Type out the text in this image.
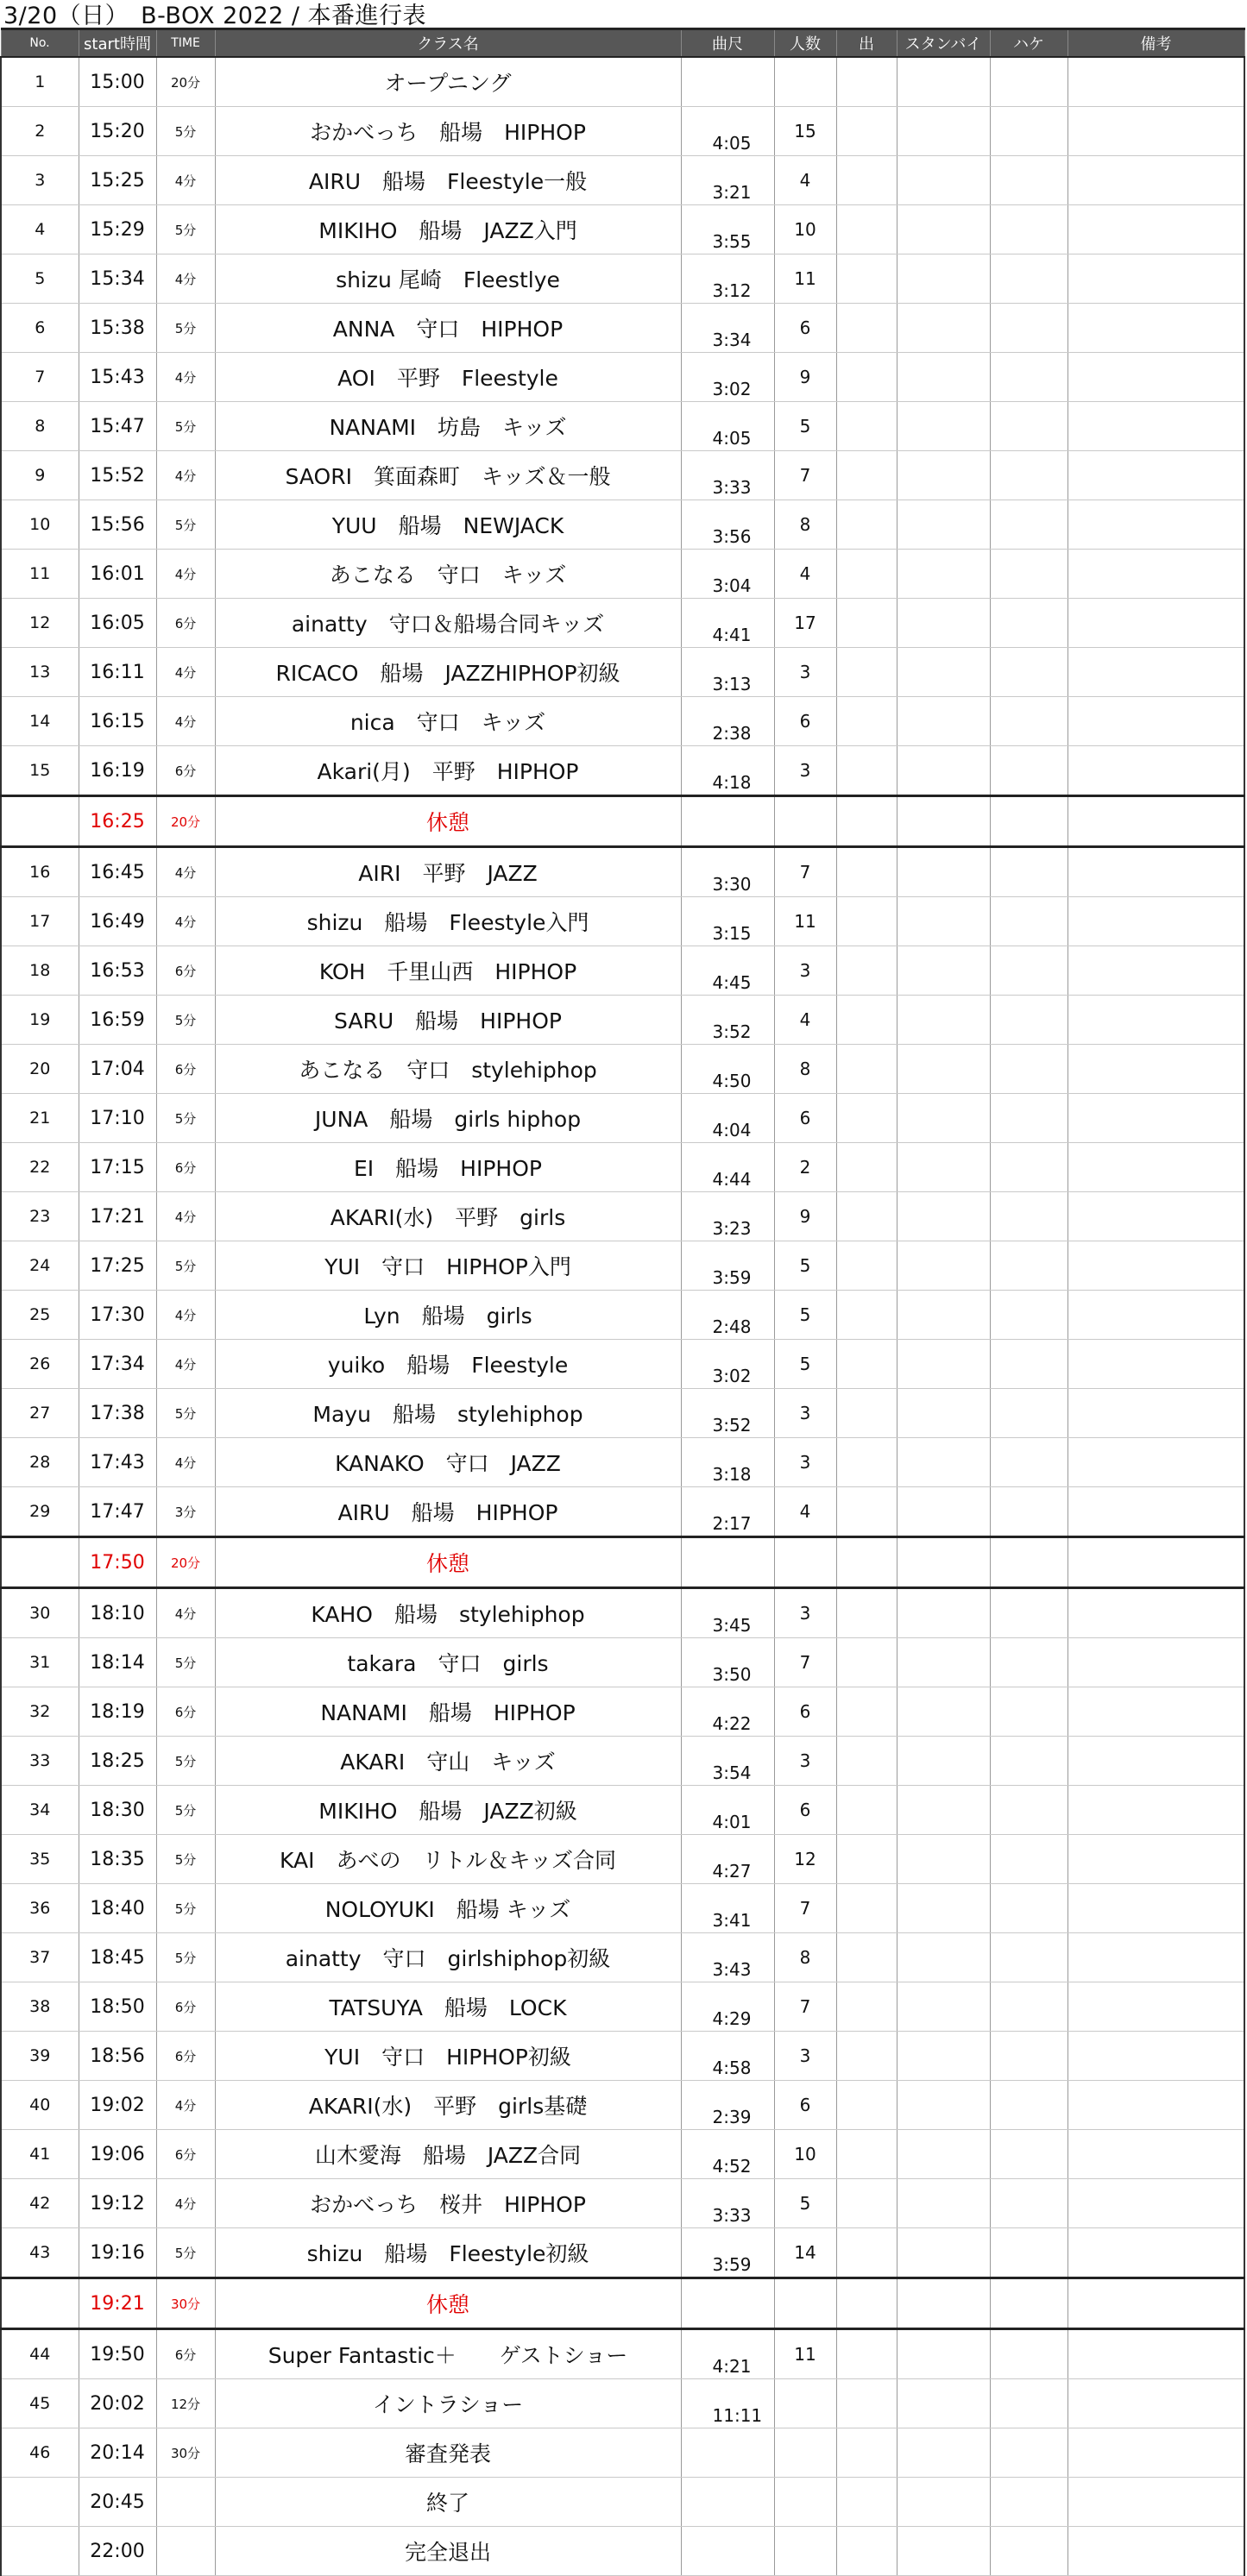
3/20（日）　B-BOX 2022 / 本番進行表
No.	start時間	TIME	クラス名	曲尺	人数	出	スタンバイ	ハケ	備考
1	15:00	20分	オープニング						
2	15:20	5分	おかべっち　船場　HIPHOP	4:05	15				
3	15:25	4分	AIRU　船場　Fleestyle一般	3:21	4				
4	15:29	5分	MIKIHO　船場　JAZZ入門	3:55	10				
5	15:34	4分	shizu 尾崎　Fleestlye	3:12	11				
6	15:38	5分	ANNA　守口　HIPHOP	3:34	6				
7	15:43	4分	AOI　平野　Fleestyle	3:02	9				
8	15:47	5分	NANAMI　坊島　キッズ	4:05	5				
9	15:52	4分	SAORI　箕面森町　キッズ＆一般	3:33	7				
10	15:56	5分	YUU　船場　NEWJACK	3:56	8				
11	16:01	4分	あこなる　守口　キッズ	3:04	4				
12	16:05	6分	ainatty　守口＆船場合同キッズ	4:41	17				
13	16:11	4分	RICACO　船場　JAZZHIPHOP初級	3:13	3				
14	16:15	4分	nica　守口　キッズ	2:38	6				
15	16:19	6分	Akari(月)　平野　HIPHOP	4:18	3				
	16:25	20分	休憩						
16	16:45	4分	AIRI　平野　JAZZ	3:30	7				
17	16:49	4分	shizu　船場　Fleestyle入門	3:15	11				
18	16:53	6分	KOH　千里山西　HIPHOP	4:45	3				
19	16:59	5分	SARU　船場　HIPHOP	3:52	4				
20	17:04	6分	あこなる　守口　stylehiphop	4:50	8				
21	17:10	5分	JUNA　船場　girls hiphop	4:04	6				
22	17:15	6分	EI　船場　HIPHOP	4:44	2				
23	17:21	4分	AKARI(水)　平野　girls	3:23	9				
24	17:25	5分	YUI　守口　HIPHOP入門	3:59	5				
25	17:30	4分	Lyn　船場　girls	2:48	5				
26	17:34	4分	yuiko　船場　Fleestyle	3:02	5				
27	17:38	5分	Mayu　船場　stylehiphop	3:52	3				
28	17:43	4分	KANAKO　守口　JAZZ	3:18	3				
29	17:47	3分	AIRU　船場　HIPHOP	2:17	4				
	17:50	20分	休憩						
30	18:10	4分	KAHO　船場　stylehiphop	3:45	3				
31	18:14	5分	takara　守口　girls	3:50	7				
32	18:19	6分	NANAMI　船場　HIPHOP	4:22	6				
33	18:25	5分	AKARI　守山　キッズ	3:54	3				
34	18:30	5分	MIKIHO　船場　JAZZ初級	4:01	6				
35	18:35	5分	KAI　あべの　リトル＆キッズ合同	4:27	12				
36	18:40	5分	NOLOYUKI　船場 キッズ	3:41	7				
37	18:45	5分	ainatty　守口　girlshiphop初級	3:43	8				
38	18:50	6分	TATSUYA　船場　LOCK	4:29	7				
39	18:56	6分	YUI　守口　HIPHOP初級	4:58	3				
40	19:02	4分	AKARI(水)　平野　girls基礎	2:39	6				
41	19:06	6分	山木愛海　船場　JAZZ合同	4:52	10				
42	19:12	4分	おかべっち　桜井　HIPHOP	3:33	5				
43	19:16	5分	shizu　船場　Fleestyle初級	3:59	14				
	19:21	30分	休憩						
44	19:50	6分	Super Fantastic＋　　ゲストショー	4:21	11				
45	20:02	12分	イントラショー	11:11					
46	20:14	30分	審査発表						
	20:45		終了						
	22:00		完全退出						
